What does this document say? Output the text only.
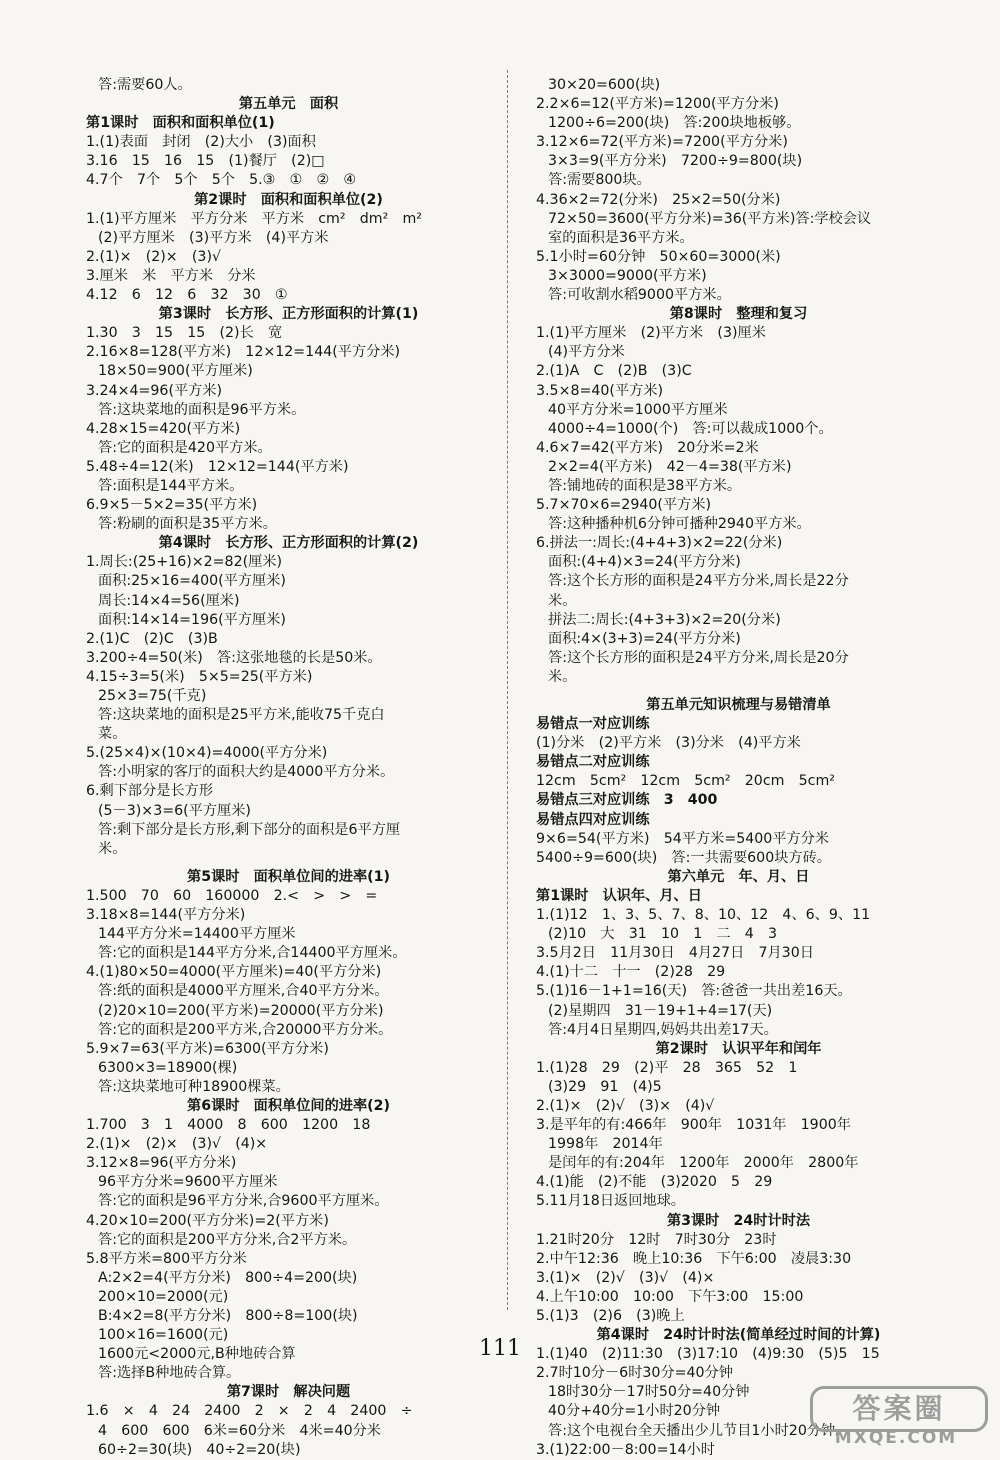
答:需要60人。
第五单元　面积
第1课时　面积和面积单位(1)
1.(1)表面　封闭　(2)大小　(3)面积
3.16　15　16　15　(1)餐厅　(2)□
4.7个　7个　5个　5个　5.③　①　②　④
第2课时　面积和面积单位(2)
1.(1)平方厘米　平方分米　平方米　cm²　dm²　m²
(2)平方厘米　(3)平方米　(4)平方米
2.(1)×　(2)×　(3)√
3.厘米　米　平方米　分米
4.12　6　12　6　32　30　①
第3课时　长方形、正方形面积的计算(1)
1.30　3　15　15　(2)长　宽
2.16×8=128(平方米)　12×12=144(平方分米)
18×50=900(平方厘米)
3.24×4=96(平方米)
答:这块菜地的面积是96平方米。
4.28×15=420(平方米)
答:它的面积是420平方米。
5.48÷4=12(米)　12×12=144(平方米)
答:面积是144平方米。
6.9×5－5×2=35(平方米)
答:粉刷的面积是35平方米。
第4课时　长方形、正方形面积的计算(2)
1.周长:(25+16)×2=82(厘米)
面积:25×16=400(平方厘米)
周长:14×4=56(厘米)
面积:14×14=196(平方厘米)
2.(1)C　(2)C　(3)B
3.200÷4=50(米)　答:这张地毯的长是50米。
4.15÷3=5(米)　5×5=25(平方米)
25×3=75(千克)
答:这块菜地的面积是25平方米,能收75千克白
菜。
5.(25×4)×(10×4)=4000(平方分米)
答:小明家的客厅的面积大约是4000平方分米。
6.剩下部分是长方形
(5－3)×3=6(平方厘米)
答:剩下部分是长方形,剩下部分的面积是6平方厘
米。
第5课时　面积单位间的进率(1)
1.500　70　60　160000　2.<　>　>　=
3.18×8=144(平方分米)
144平方分米=14400平方厘米
答:它的面积是144平方分米,合14400平方厘米。
4.(1)80×50=4000(平方厘米)=40(平方分米)
答:纸的面积是4000平方厘米,合40平方分米。
(2)20×10=200(平方米)=20000(平方分米)
答:它的面积是200平方米,合20000平方分米。
5.9×7=63(平方米)=6300(平方分米)
6300×3=18900(棵)
答:这块菜地可种18900棵菜。
第6课时　面积单位间的进率(2)
1.700　3　1　4000　8　600　1200　18
2.(1)×　(2)×　(3)√　(4)×
3.12×8=96(平方分米)
96平方分米=9600平方厘米
答:它的面积是96平方分米,合9600平方厘米。
4.20×10=200(平方分米)=2(平方米)
答:它的面积是200平方分米,合2平方米。
5.8平方米=800平方分米
A:2×2=4(平方分米)　800÷4=200(块)
200×10=2000(元)
B:4×2=8(平方分米)　800÷8=100(块)
100×16=1600(元)
1600元<2000元,B种地砖合算
答:选择B种地砖合算。
第7课时　解决问题
1.6　×　4　24　2400　2　×　2　4　2400　÷
4　600　600　6米=60分米　4米=40分米
60÷2=30(块)　40÷2=20(块)
30×20=600(块)
2.2×6=12(平方米)=1200(平方分米)
1200÷6=200(块)　答:200块地板够。
3.12×6=72(平方米)=7200(平方分米)
3×3=9(平方分米)　7200÷9=800(块)
答:需要800块。
4.36×2=72(分米)　25×2=50(分米)
72×50=3600(平方分米)=36(平方米)答:学校会议
室的面积是36平方米。
5.1小时=60分钟　50×60=3000(米)
3×3000=9000(平方米)
答:可收割水稻9000平方米。
第8课时　整理和复习
1.(1)平方厘米　(2)平方米　(3)厘米
(4)平方分米
2.(1)A　C　(2)B　(3)C
3.5×8=40(平方米)
40平方分米=1000平方厘米
4000÷4=1000(个)　答:可以裁成1000个。
4.6×7=42(平方米)　20分米=2米
2×2=4(平方米)　42－4=38(平方米)
答:铺地砖的面积是38平方米。
5.7×70×6=2940(平方米)
答:这种播种机6分钟可播种2940平方米。
6.拼法一:周长:(4+4+3)×2=22(分米)
面积:(4+4)×3=24(平方分米)
答:这个长方形的面积是24平方分米,周长是22分
米。
拼法二:周长:(4+3+3)×2=20(分米)
面积:4×(3+3)=24(平方分米)
答:这个长方形的面积是24平方分米,周长是20分
米。
第五单元知识梳理与易错清单
易错点一对应训练
(1)分米　(2)平方米　(3)分米　(4)平方米
易错点二对应训练
12cm　5cm²　12cm　5cm²　20cm　5cm²
易错点三对应训练　3　400
易错点四对应训练
9×6=54(平方米)　54平方米=5400平方分米
5400÷9=600(块)　答:一共需要600块方砖。
第六单元　年、月、日
第1课时　认识年、月、日
1.(1)12　1、3、5、7、8、10、12　4、6、9、11
(2)10　大　31　10　1　二　4　3
3.5月2日　11月30日　4月27日　7月30日
4.(1)十二　十一　(2)28　29
5.(1)16－1+1=16(天)　答:爸爸一共出差16天。
(2)星期四　31－19+1+4=17(天)
答:4月4日星期四,妈妈共出差17天。
第2课时　认识平年和闰年
1.(1)28　29　(2)平　28　365　52　1
(3)29　91　(4)5
2.(1)×　(2)√　(3)×　(4)√
3.是平年的有:466年　900年　1031年　1900年
1998年　2014年
是闰年的有:204年　1200年　2000年　2800年
4.(1)能　(2)不能　(3)2020　5　29
5.11月18日返回地球。
第3课时　24时计时法
1.21时20分　12时　7时30分　23时
2.中午12:36　晚上10:36　下午6:00　凌晨3:30
3.(1)×　(2)√　(3)√　(4)×
4.上午10:00　10:00　下午3:00　15:00
5.(1)3　(2)6　(3)晚上
第4课时　24时计时法(简单经过时间的计算)
1.(1)40　(2)11:30　(3)17:10　(4)9:30　(5)5　15
2.7时10分－6时30分=40分钟
18时30分－17时50分=40分钟
40分+40分=1小时20分钟
答:这个电视台全天播出少儿节目1小时20分钟。
3.(1)22:00－8:00=14小时
111
答案圈
MXQE.COM
